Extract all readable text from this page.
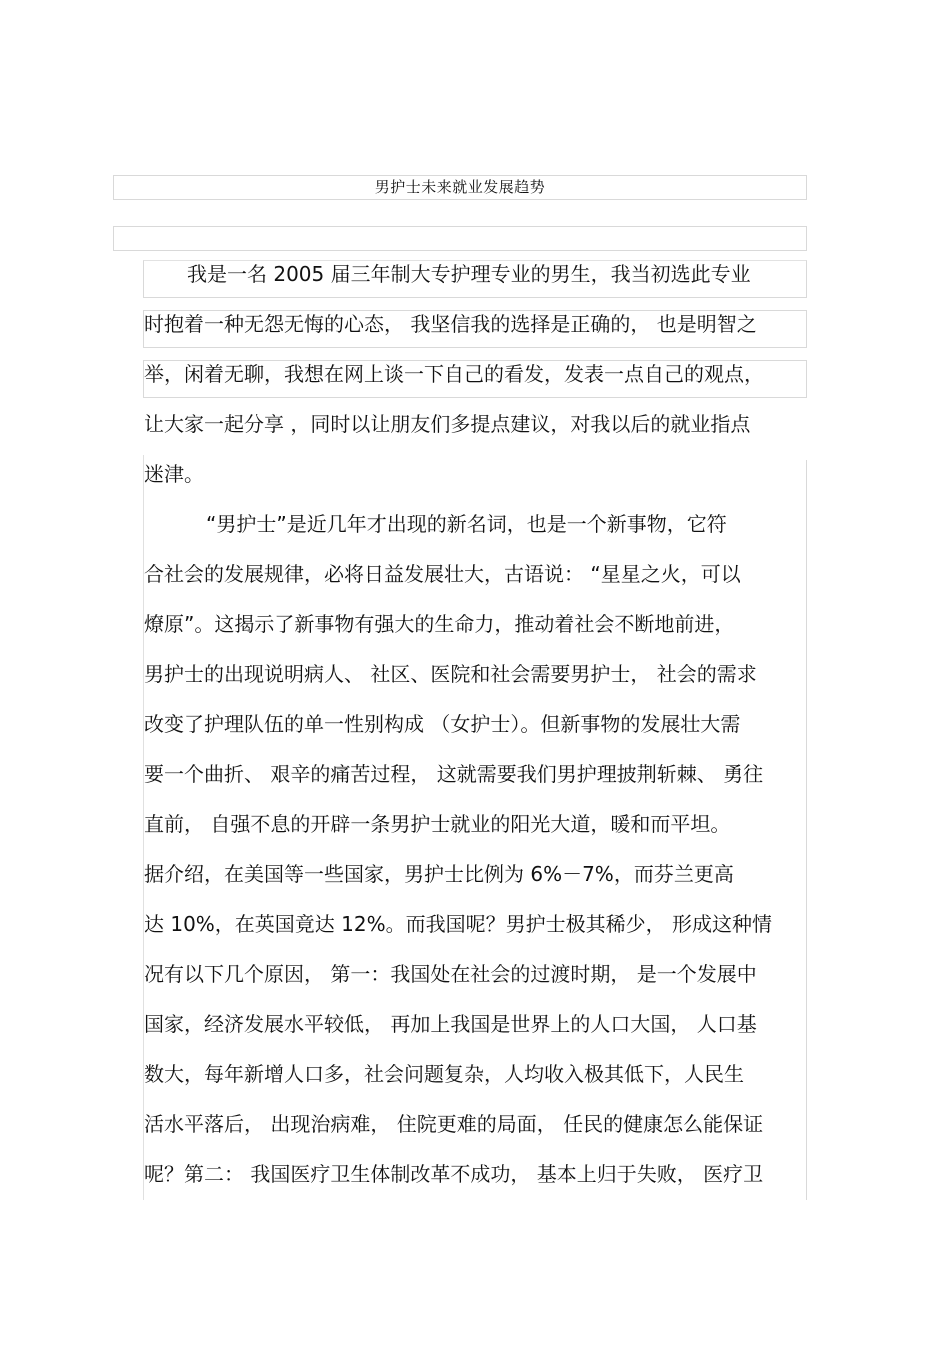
男护士未来就业发展趋势
我是一名 2005 届三年制大专护理专业的男生，我当初选此专业
时抱着一种无怨无悔的心态， 我坚信我的选择是正确的， 也是明智之
举，闲着无聊，我想在网上谈一下自己的看发，发表一点自己的观点，
让大家一起分享 ，同时以让朋友们多提点建议，对我以后的就业指点
迷津。
“男护士”是近几年才出现的新名词，也是一个新事物，它符
合社会的发展规律，必将日益发展壮大，古语说： “星星之火，可以
燎原”。这揭示了新事物有强大的生命力，推动着社会不断地前进，
男护士的出现说明病人、 社区、医院和社会需要男护士， 社会的需求
改变了护理队伍的单一性别构成 （女护士）。但新事物的发展壮大需
要一个曲折、 艰辛的痛苦过程， 这就需要我们男护理披荆斩棘、 勇往
直前， 自强不息的开辟一条男护士就业的阳光大道，暖和而平坦。
据介绍，在美国等一些国家，男护士比例为 6%－7%，而芬兰更高
达 10%，在英国竟达 12%。而我国呢？男护士极其稀少， 形成这种情
况有以下几个原因， 第一：我国处在社会的过渡时期， 是一个发展中
国家，经济发展水平较低， 再加上我国是世界上的人口大国， 人口基
数大，每年新增人口多，社会问题复杂，人均收入极其低下，人民生
活水平落后， 出现治病难， 住院更难的局面， 任民的健康怎么能保证
呢？第二： 我国医疗卫生体制改革不成功， 基本上归于失败， 医疗卫
